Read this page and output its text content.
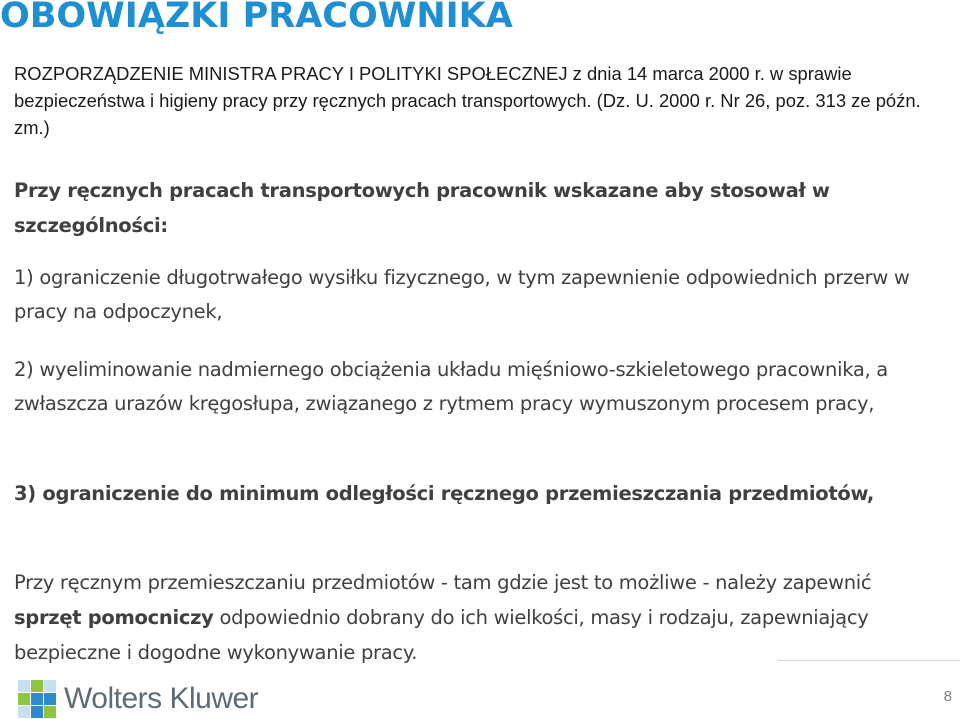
OBOWIĄZKI PRACOWNIKA
ROZPORZĄDZENIE MINISTRA PRACY I POLITYKI SPOŁECZNEJ z dnia 14 marca 2000 r. w sprawie bezpieczeństwa i higieny pracy przy ręcznych pracach transportowych. (Dz. U. 2000 r. Nr 26, poz. 313 ze późn. zm.)
Przy ręcznych pracach transportowych pracownik wskazane aby stosował w szczególności:
1) ograniczenie długotrwałego wysiłku fizycznego, w tym zapewnienie odpowiednich przerw w pracy na odpoczynek,
2) wyeliminowanie nadmiernego obciążenia układu mięśniowo-szkieletowego pracownika, a zwłaszcza urazów kręgosłupa, związanego z rytmem pracy wymuszonym procesem pracy,
3) ograniczenie do minimum odległości ręcznego przemieszczania przedmiotów,
Przy ręcznym przemieszczaniu przedmiotów - tam gdzie jest to możliwe - należy zapewnić sprzęt pomocniczy odpowiednio dobrany do ich wielkości, masy i rodzaju, zapewniający bezpieczne i dogodne wykonywanie pracy.
Wolters Kluwer	8
